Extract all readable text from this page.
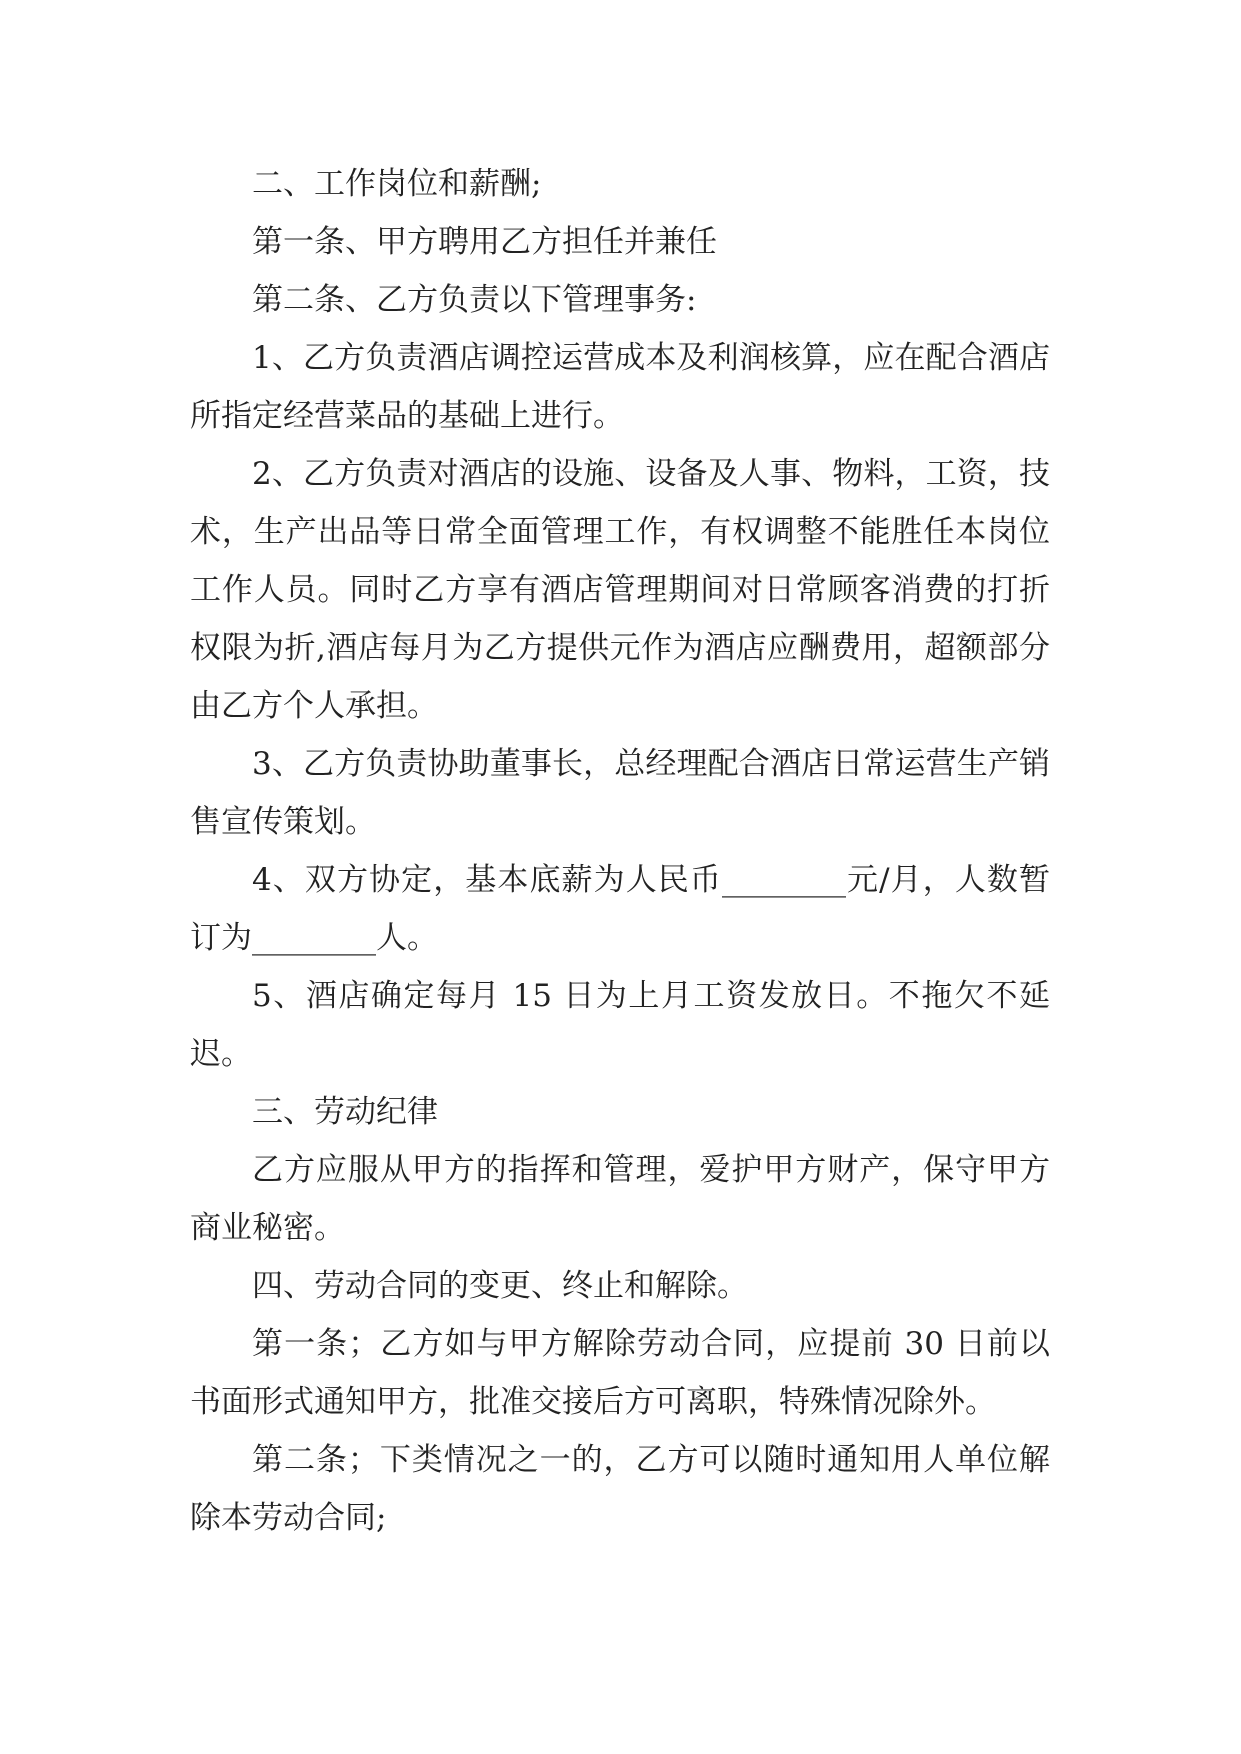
二、工作岗位和薪酬;

第一条、甲方聘用乙方担任并兼任

第二条、乙方负责以下管理事务:

1、乙方负责酒店调控运营成本及利润核算，应在配合酒店所指定经营菜品的基础上进行。

2、乙方负责对酒店的设施、设备及人事、物料，工资，技术，生产出品等日常全面管理工作，有权调整不能胜任本岗位工作人员。同时乙方享有酒店管理期间对日常顾客消费的打折权限为折,酒店每月为乙方提供元作为酒店应酬费用，超额部分由乙方个人承担。

3、乙方负责协助董事长，总经理配合酒店日常运营生产销售宣传策划。

4、双方协定，基本底薪为人民币________元/月，人数暂订为________人。

5、酒店确定每月 15 日为上月工资发放日。不拖欠不延迟。

三、劳动纪律

乙方应服从甲方的指挥和管理，爱护甲方财产，保守甲方商业秘密。

四、劳动合同的变更、终止和解除。

第一条；乙方如与甲方解除劳动合同，应提前 30 日前以书面形式通知甲方，批准交接后方可离职，特殊情况除外。

第二条；下类情况之一的，乙方可以随时通知用人单位解除本劳动合同;
